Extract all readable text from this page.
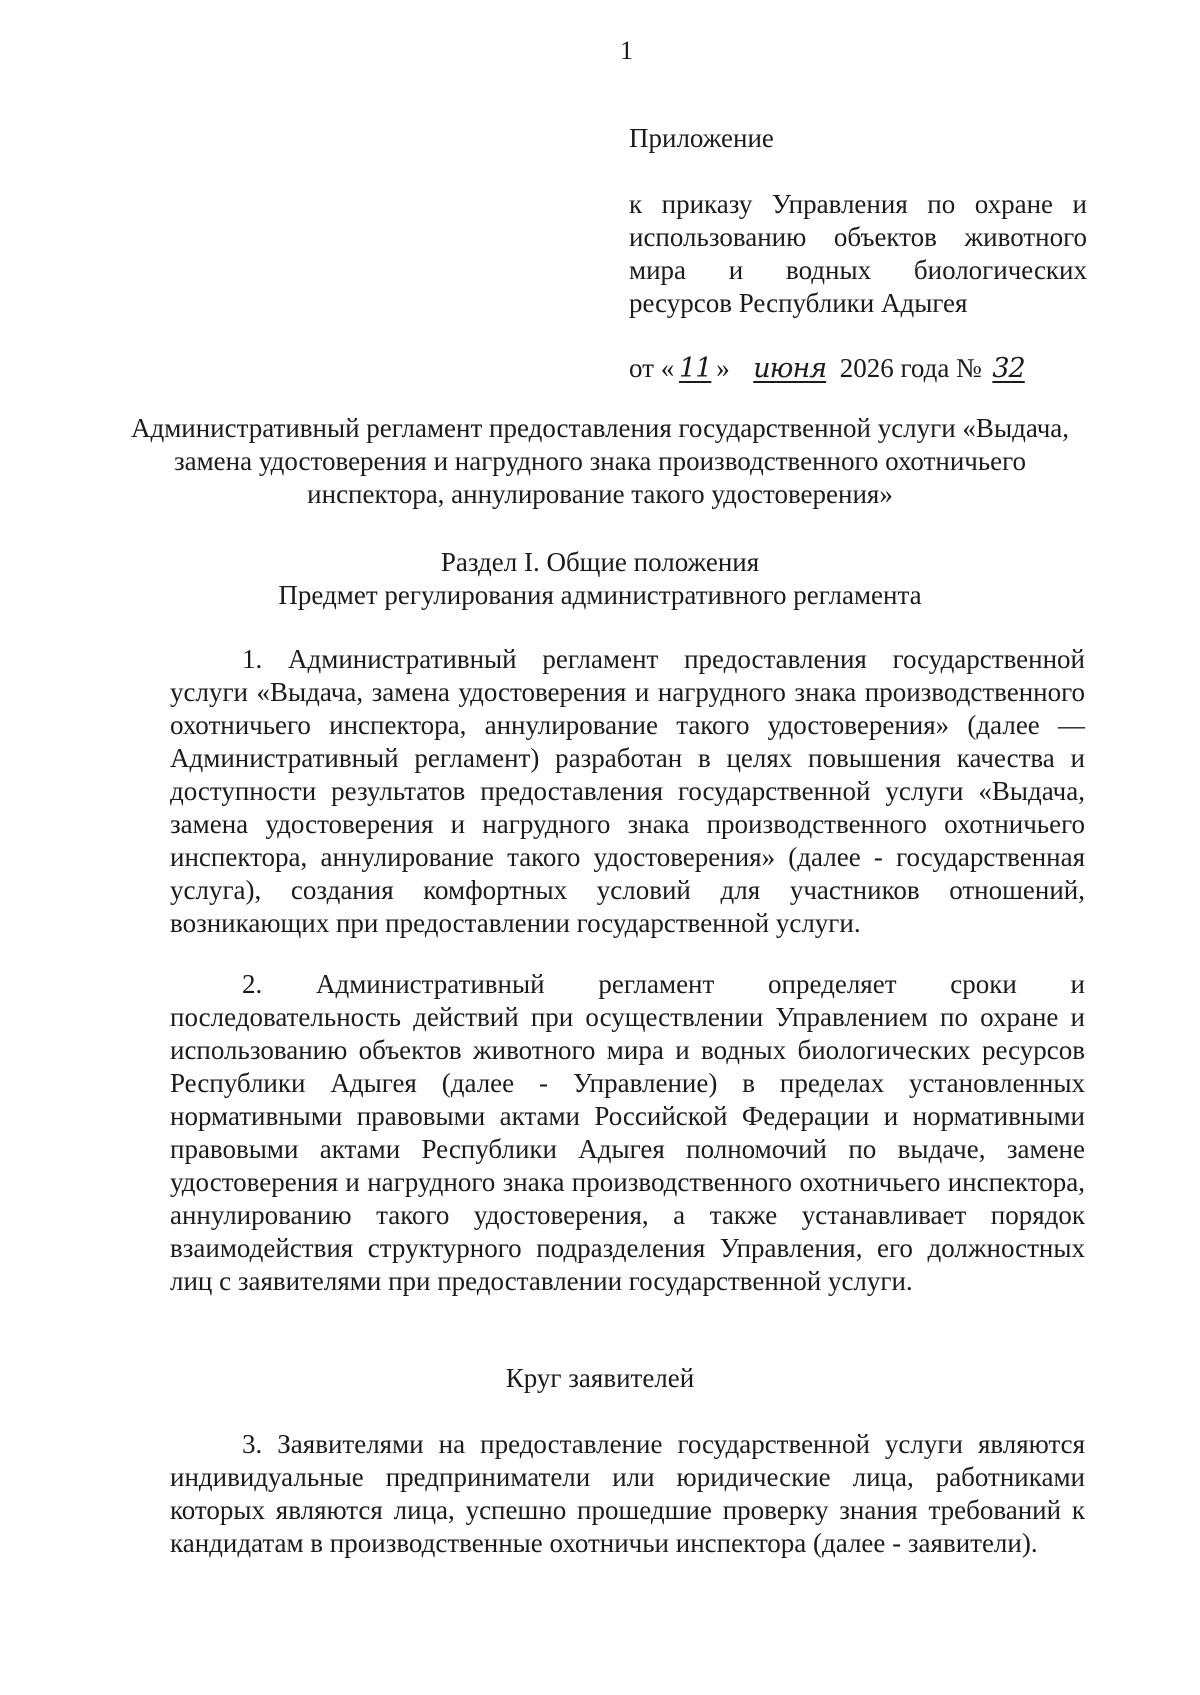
1

Приложение

к приказу Управления по охране и использованию объектов животного мира и водных биологических ресурсов Республики Адыгея

от « 11 » июня 2026 года № 32
Административный регламент предоставления государственной услуги «Выдача, замена удостоверения и нагрудного знака производственного охотничьего инспектора, аннулирование такого удостоверения»
Раздел I. Общие положения
Предмет регулирования административного регламента

1. Административный регламент предоставления государственной услуги «Выдача, замена удостоверения и нагрудного знака производственного охотничьего инспектора, аннулирование такого удостоверения» (далее — Административный регламент) разработан в целях повышения качества и доступности результатов предоставления государственной услуги «Выдача, замена удостоверения и нагрудного знака производственного охотничьего инспектора, аннулирование такого удостоверения» (далее - государственная услуга), создания комфортных условий для участников отношений, возникающих при предоставлении государственной услуги.

2. Административный регламент определяет сроки и последовательность действий при осуществлении Управлением по охране и использованию объектов животного мира и водных биологических ресурсов Республики Адыгея (далее - Управление) в пределах установленных нормативными правовыми актами Российской Федерации и нормативными правовыми актами Республики Адыгея полномочий по выдаче, замене удостоверения и нагрудного знака производственного охотничьего инспектора, аннулированию такого удостоверения, а также устанавливает порядок взаимодействия структурного подразделения Управления, его должностных лиц с заявителями при предоставлении государственной услуги.

Круг заявителей

3. Заявителями на предоставление государственной услуги являются индивидуальные предприниматели или юридические лица, работниками которых являются лица, успешно прошедшие проверку знания требований к кандидатам в производственные охотничьи инспектора (далее - заявители).
